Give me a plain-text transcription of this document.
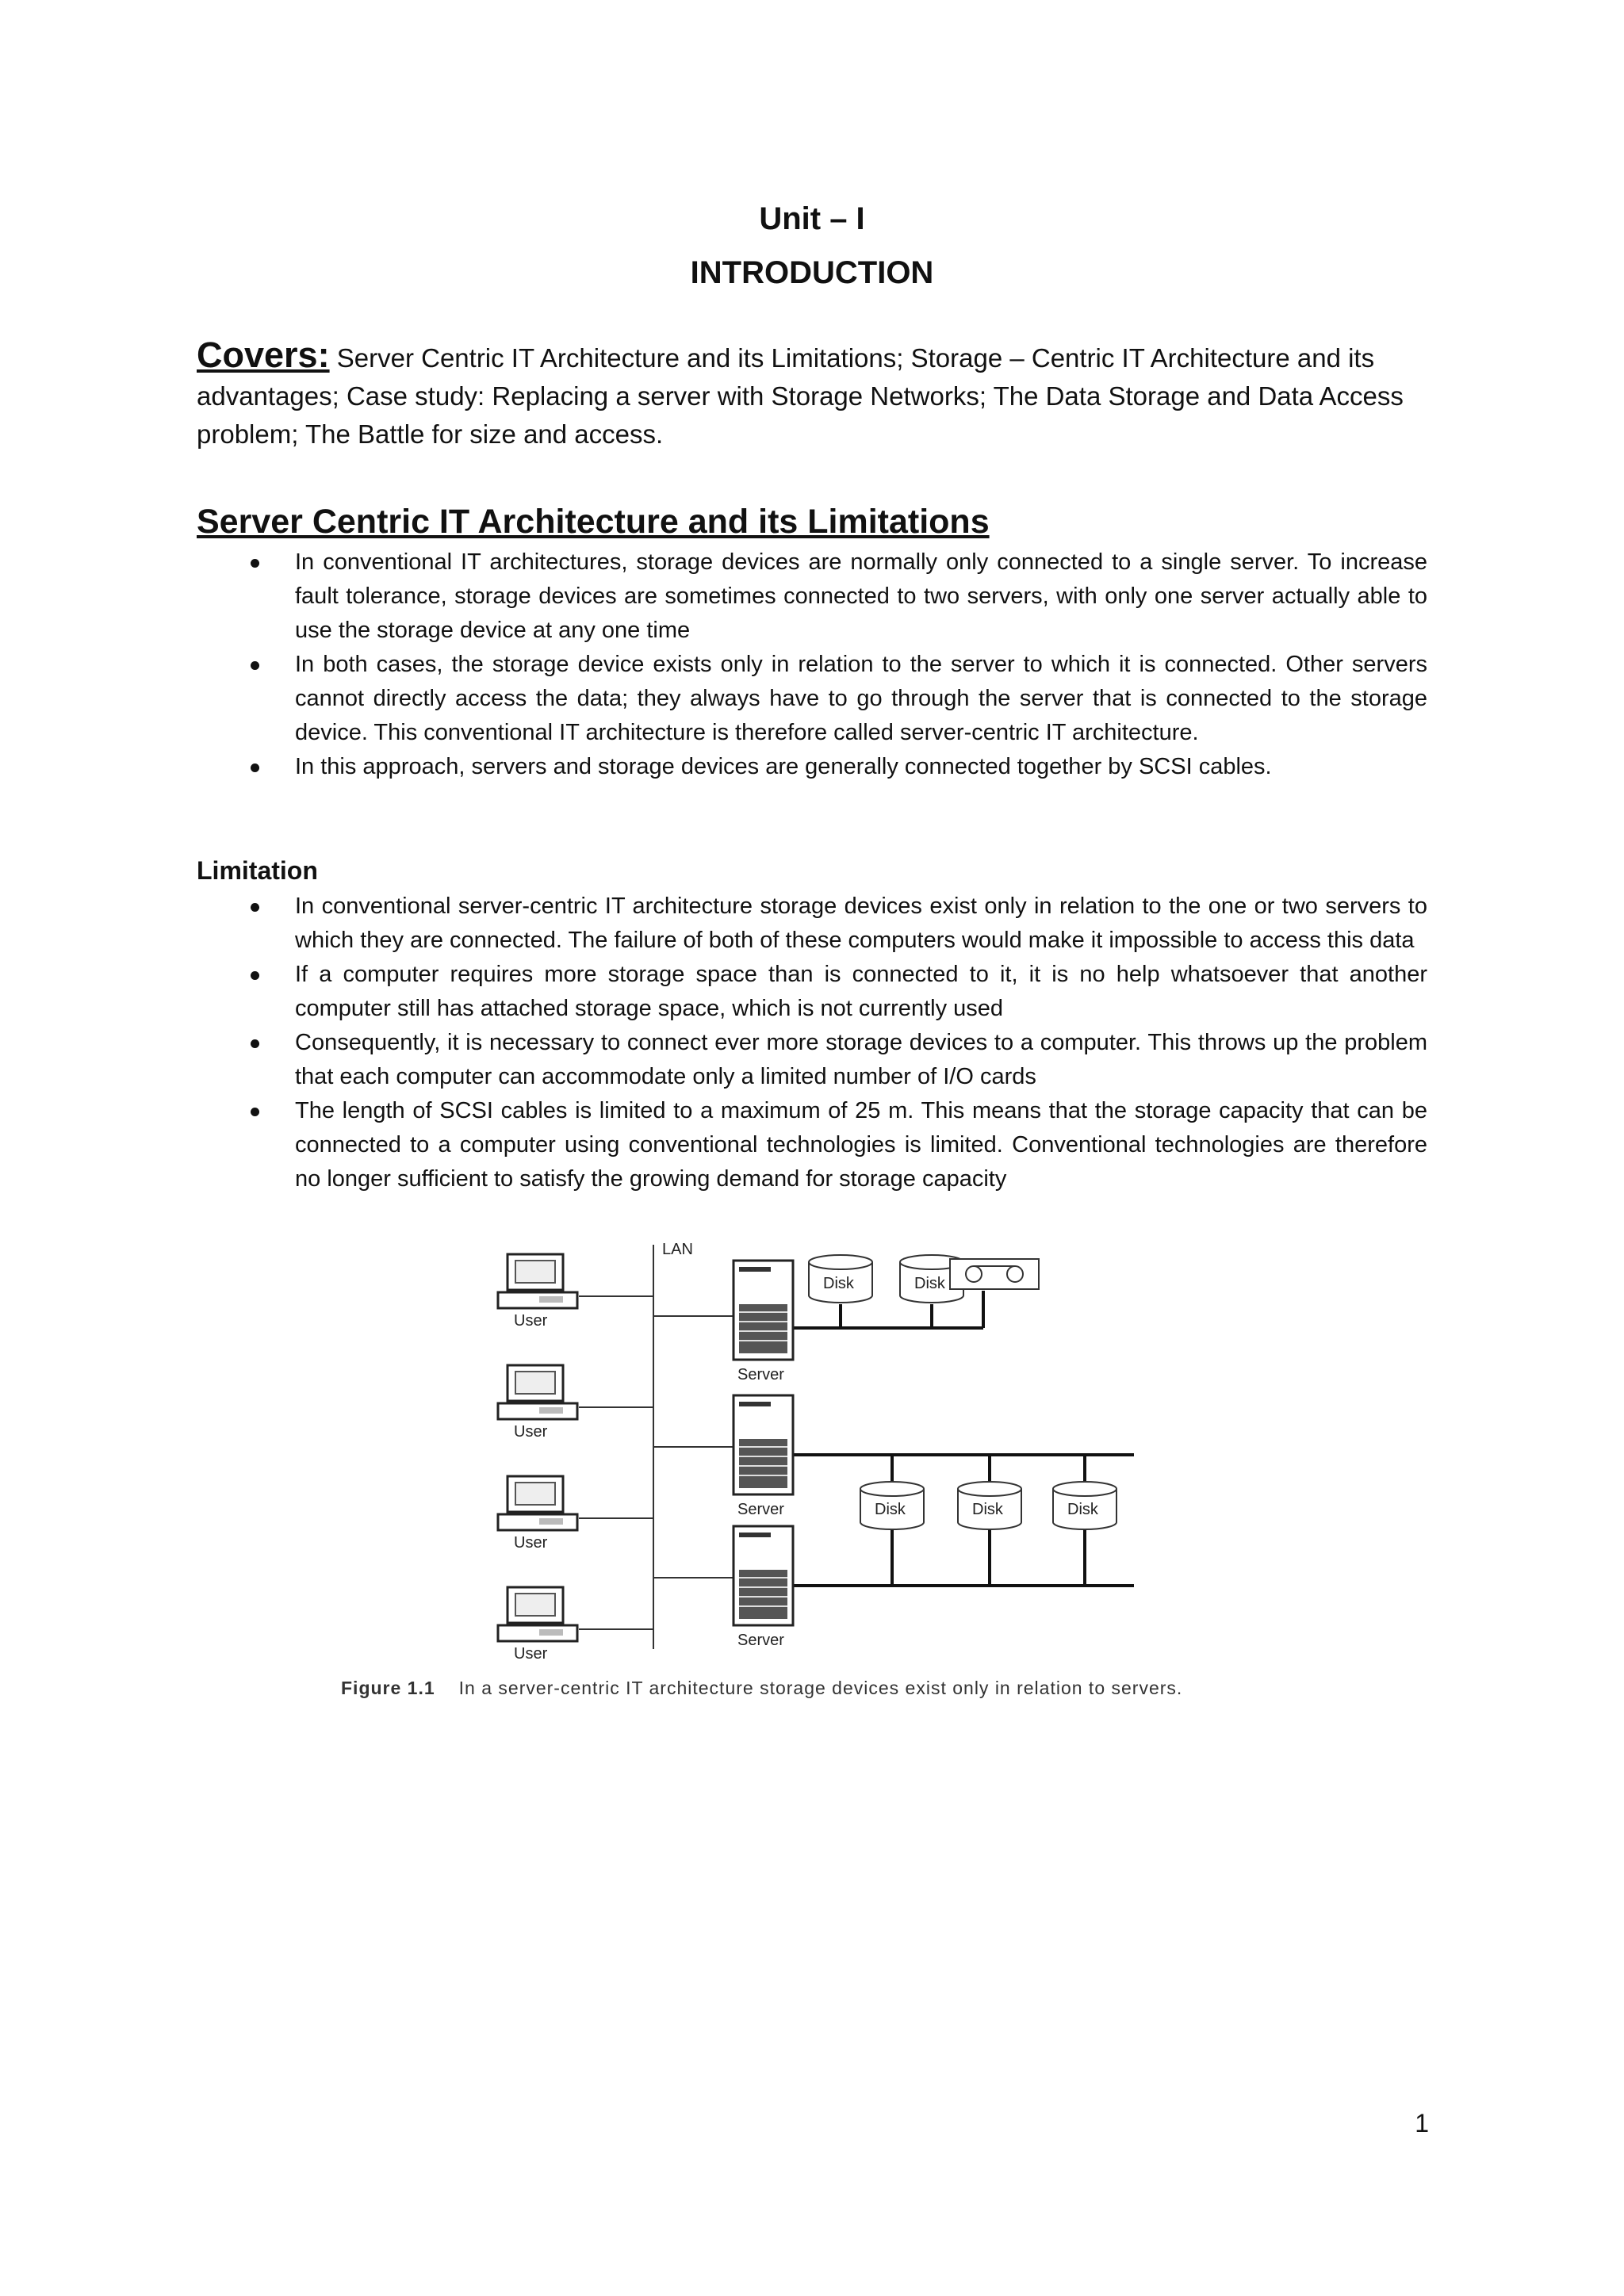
Unit – I
INTRODUCTION
Covers: Server Centric IT Architecture and its Limitations; Storage – Centric IT Architecture and its advantages; Case study: Replacing a server with Storage Networks; The Data Storage and Data Access problem; The Battle for size and access.
Server Centric IT Architecture and its Limitations
In conventional IT architectures, storage devices are normally only connected to a single server. To increase fault tolerance, storage devices are sometimes connected to two servers, with only one server actually able to use the storage device at any one time
In both cases, the storage device exists only in relation to the server to which it is connected. Other servers cannot directly access the data; they always have to go through the server that is connected to the storage device. This conventional IT architecture is therefore called server-centric IT architecture.
In this approach, servers and storage devices are generally connected together by SCSI cables.
Limitation
In conventional server-centric IT architecture storage devices exist only in relation to the one or two servers to which they are connected. The failure of both of these computers would make it impossible to access this data
If a computer requires more storage space than is connected to it, it is no help whatsoever that another computer still has attached storage space, which is not currently used
Consequently, it is necessary to connect ever more storage devices to a computer. This throws up the problem that each computer can accommodate only a limited number of I/O cards
The length of SCSI cables is limited to a maximum of 25 m. This means that the storage capacity that can be connected to a computer using conventional technologies is limited. Conventional technologies are therefore no longer sufficient to satisfy the growing demand for storage capacity
User
User
User
User
LAN
Server
Server
Server
Disk	Disk
Disk	Disk	Disk
Figure 1.1 In a server-centric IT architecture storage devices exist only in relation to servers.
1
